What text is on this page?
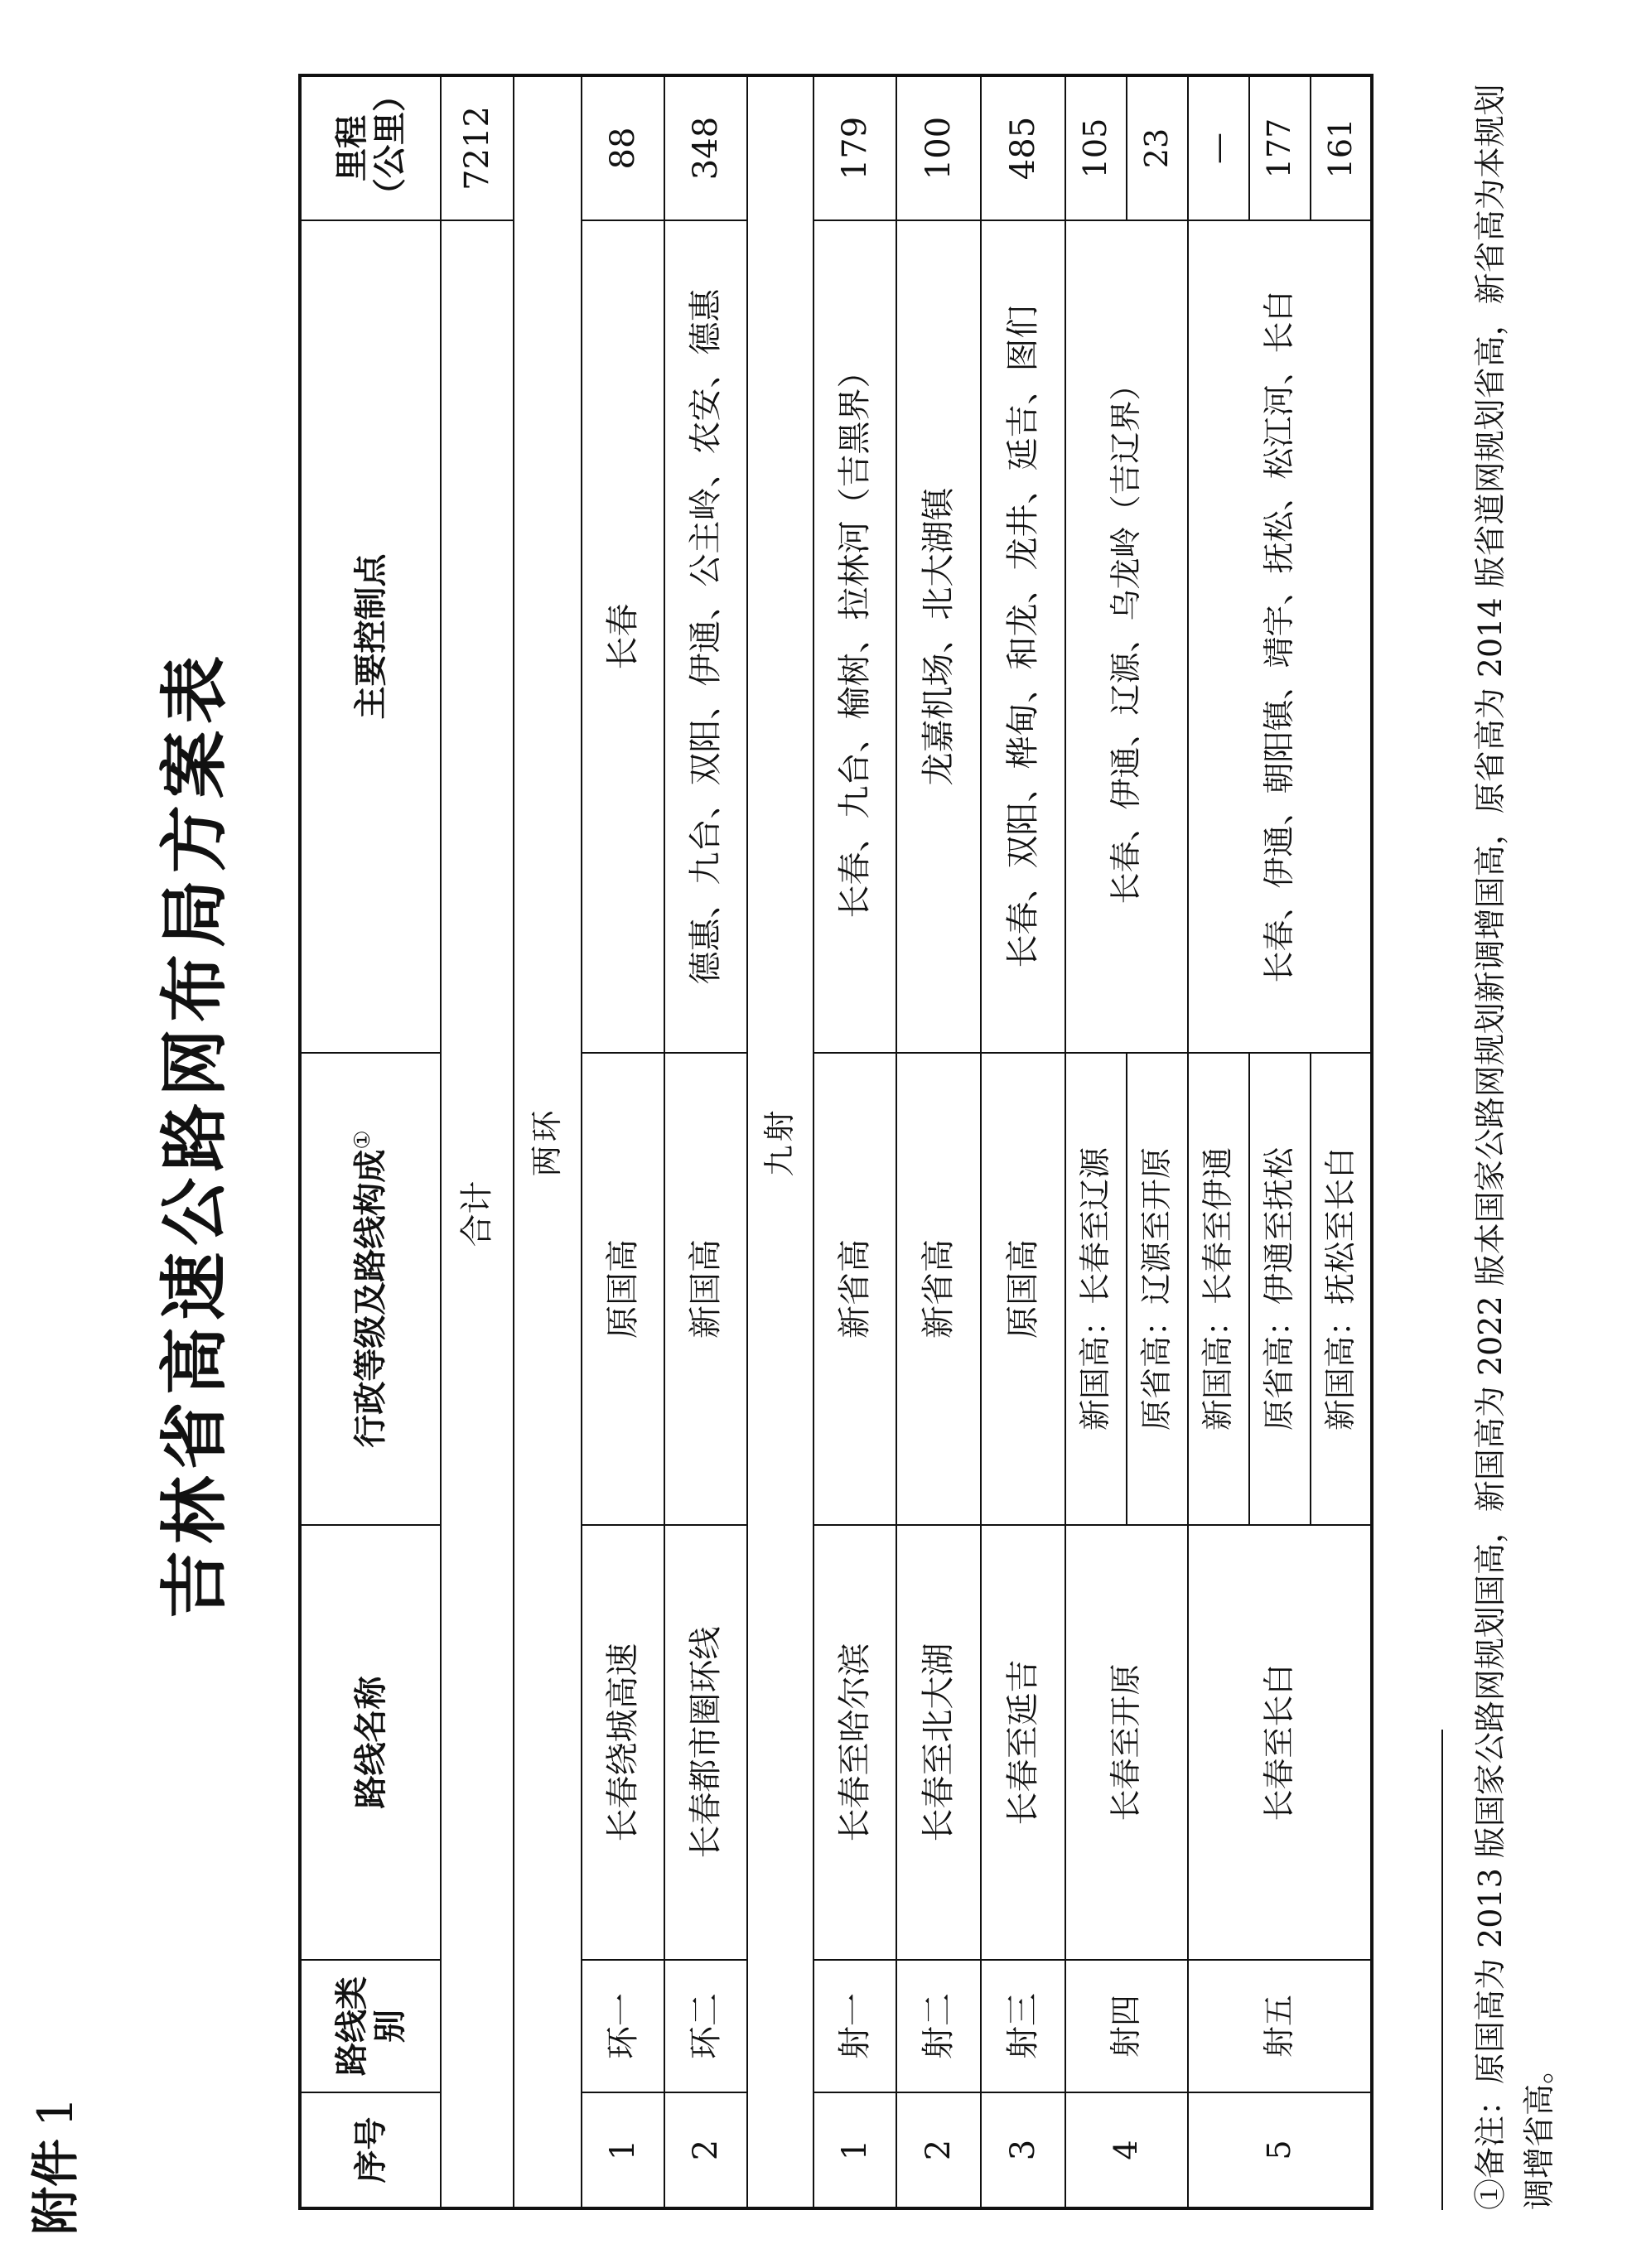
附件1
吉林省高速公路网布局方案表
序号	路线类别	路线名称	行政等级及路线构成①	主要控制点	里程（公里）
合计					7212
两环					
1	环一	长春绕城高速	原国高	长春	88
2	环二	长春都市圈环线	新国高	德惠、九台、双阳、伊通、公主岭、农安、德惠	348
九射					
1	射一	长春至哈尔滨	新省高	长春、九台、榆树、拉林河（吉黑界）	179
2	射二	长春至北大湖	新省高	龙嘉机场、北大湖镇	100
3	射三	长春至延吉	原国高	长春、双阳、桦甸、和龙、龙井、延吉、图们	485
4	射四	长春至开原	新国高：长春至辽源	长春、伊通、辽源、乌龙岭（吉辽界）	105
			原省高：辽源至开原		23
5	射五	长春至长白	新国高：长春至伊通	长春、伊通、朝阳镇、靖宇、抚松、松江河、长白	—
			原省高：伊通至抚松		177
			新国高：抚松至长白		161	①备注：原国高为 2013 版国家公路网规划国高，新国高为 2022 版本国家公路网规划新调增国高，原省高为 2014 版省道网规划省高，新省高为本规划调增省高。
